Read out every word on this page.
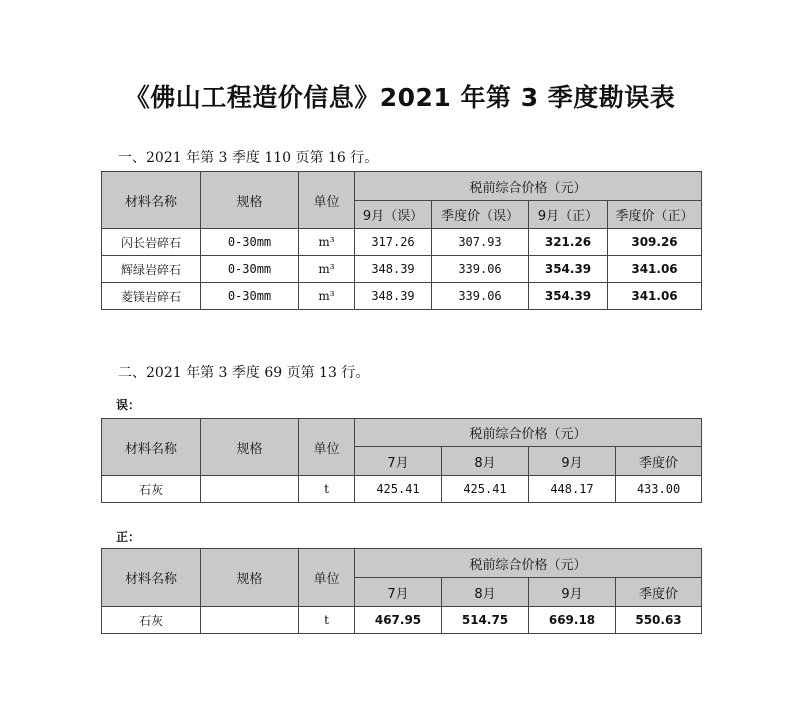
《佛山工程造价信息》2021 年第 3 季度勘误表
一、2021 年第 3 季度 110 页第 16 行。
材料名称	规格	单位	税前综合价格（元）			
			9月（误）	季度价（误）	9月（正）	季度价（正）
闪长岩碎石	0-30mm	m³	317.26	307.93	321.26	309.26
辉绿岩碎石	0-30mm	m³	348.39	339.06	354.39	341.06
菱镁岩碎石	0-30mm	m³	348.39	339.06	354.39	341.06
二、2021 年第 3 季度 69 页第 13 行。
误：
材料名称	规格	单位	税前综合价格（元）			
			7月	8月	9月	季度价
石灰		t	425.41	425.41	448.17	433.00
正：
材料名称	规格	单位	税前综合价格（元）			
			7月	8月	9月	季度价
石灰		t	467.95	514.75	669.18	550.63
